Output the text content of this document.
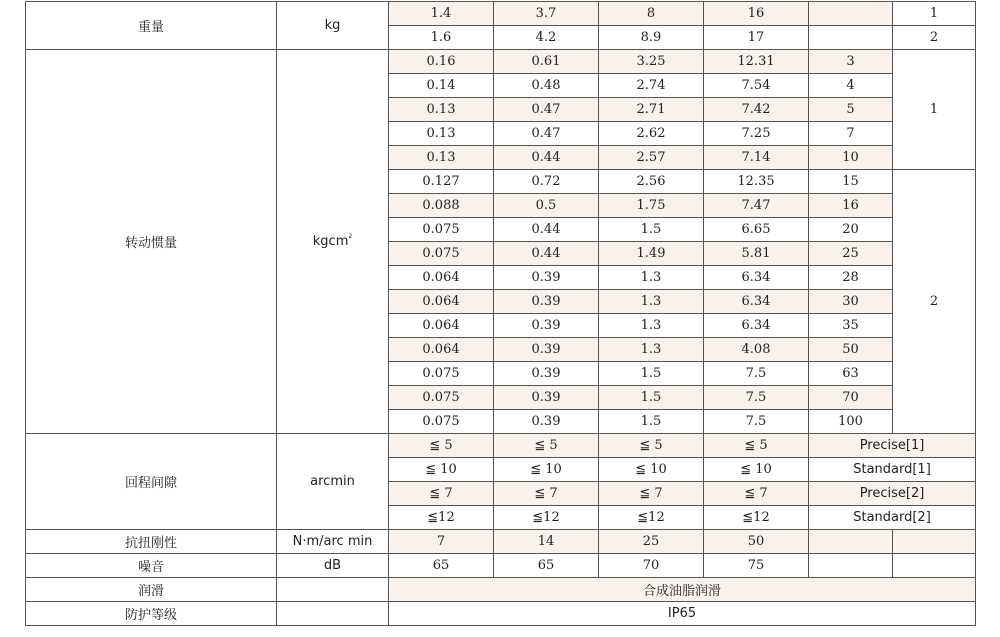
重量	kg	1.4	3.7	8	16		1
		1.6	4.2	8.9	17		2
转动惯量	kgcm$^2$	0.16	0.61	3.25	12.31	3	1
		0.14	0.48	2.74	7.54	4	
		0.13	0.47	2.71	7.42	5	
		0.13	0.47	2.62	7.25	7	
		0.13	0.44	2.57	7.14	10	
		0.127	0.72	2.56	12.35	15	2
		0.088	0.5	1.75	7.47	16	
		0.075	0.44	1.5	6.65	20	
		0.075	0.44	1.49	5.81	25	
		0.064	0.39	1.3	6.34	28	
		0.064	0.39	1.3	6.34	30	
		0.064	0.39	1.3	6.34	35	
		0.064	0.39	1.3	4.08	50	
		0.075	0.39	1.5	7.5	63	
		0.075	0.39	1.5	7.5	70	
		0.075	0.39	1.5	7.5	100	
回程间隙	arcmin	≦ 5	≦ 5	≦ 5	≦ 5	Precise[1]	
		≦ 10	≦ 10	≦ 10	≦ 10	Standard[1]	
		≦ 7	≦ 7	≦ 7	≦ 7	Precise[2]	
		≦12	≦12	≦12	≦12	Standard[2]	
抗扭刚性	N·m/arc min	7	14	25	50		
噪音	dB	65	65	70	75		
润滑		合成油脂润滑					
防护等级		IP65					
